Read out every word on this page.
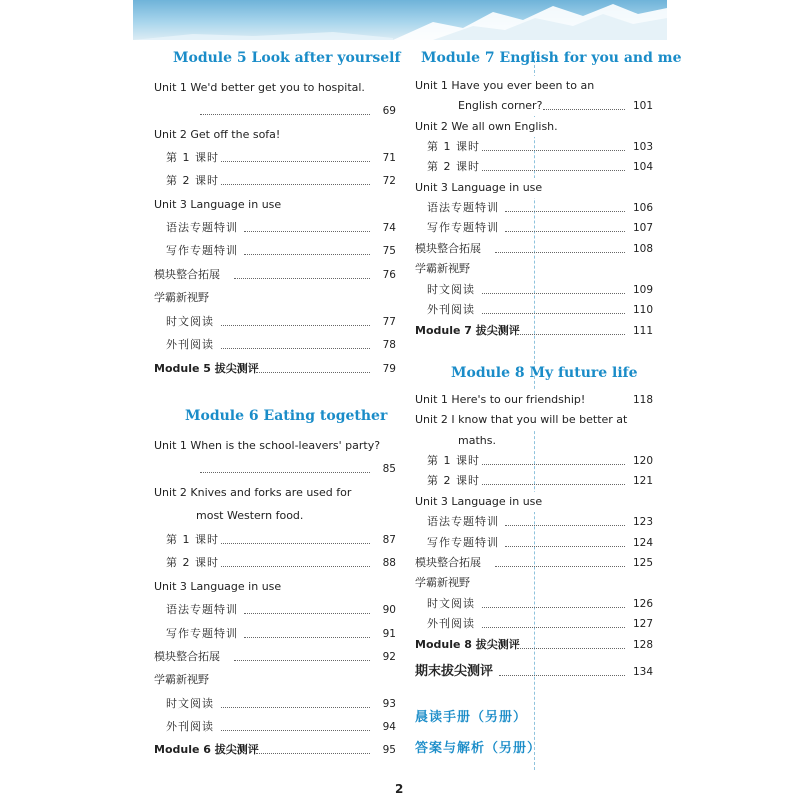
Module 5 Look after yourself
Unit 1 We'd better get you to hospital.
69
Unit 2 Get off the sofa!
第 1 课时	71
第 2 课时	72
Unit 3 Language in use
语法专题特训	74
写作专题特训	75
模块整合拓展	76
学霸新视野
时文阅读	77
外刊阅读	78
Module 5 拔尖测评	79
Module 6 Eating together
Unit 1 When is the school-leavers' party?
85
Unit 2 Knives and forks are used for
most Western food.
第 1 课时	87
第 2 课时	88
Unit 3 Language in use
语法专题特训	90
写作专题特训	91
模块整合拓展	92
学霸新视野
时文阅读	93
外刊阅读	94
Module 6 拔尖测评	95
Module 7 English for you and me
Unit 1 Have you ever been to an
English corner?	101
Unit 2 We all own English.
第 1 课时	103
第 2 课时	104
Unit 3 Language in use
语法专题特训	106
写作专题特训	107
模块整合拓展	108
学霸新视野
时文阅读	109
外刊阅读	110
Module 7 拔尖测评	111
Module 8 My future life
Unit 1 Here's to our friendship!	118
Unit 2 I know that you will be better at
maths.
第 1 课时	120
第 2 课时	121
Unit 3 Language in use
语法专题特训	123
写作专题特训	124
模块整合拓展	125
学霸新视野
时文阅读	126
外刊阅读	127
Module 8 拔尖测评	128
期末拔尖测评	134
晨读手册（另册）
答案与解析（另册）
2
